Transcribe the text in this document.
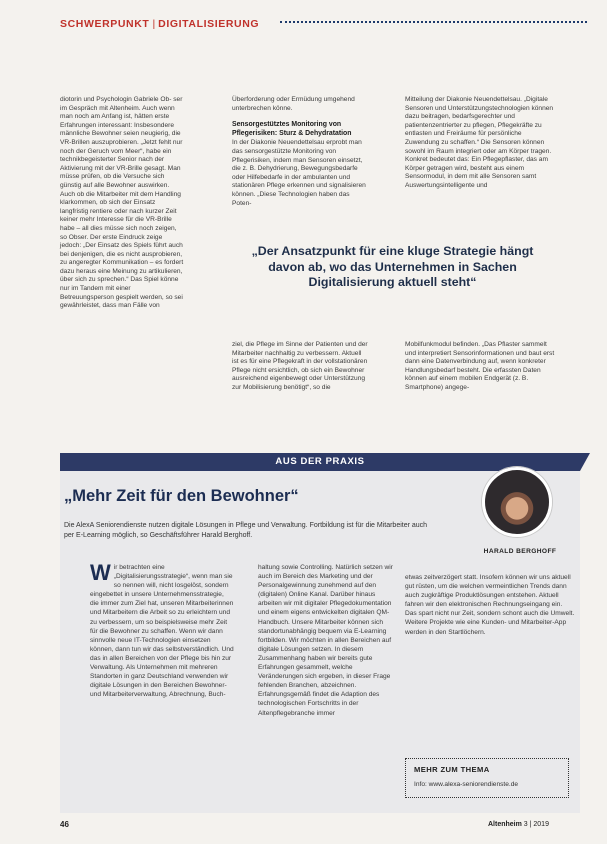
SCHWERPUNKT | DIGITALISIERUNG

diotorin und Psychologin Gabriele Ob- ser im Gespräch mit Altenheim. Auch wenn man noch am Anfang ist, hätten erste Erfahrungen interessant: Insbesondere männliche Bewohner seien neugierig, die VR-Brillen auszuprobieren. „Jetzt fehlt nur noch der Geruch vom Meer“, habe ein technikbegeisterter Senior nach der Aktivierung mit der VR-Brille gesagt. Man müsse prüfen, ob die Versuche sich günstig auf alle Bewohner auswirken. Auch ob die Mitarbeiter mit dem Handling klarkommen, ob sich der Einsatz langfristig rentiere oder nach kurzer Zeit keiner mehr Interesse für die VR-Brille habe – all dies müsse sich noch zeigen, so Obser. Der erste Eindruck zeige jedoch: „Der Einsatz des Spiels führt auch bei denjenigen, die es nicht ausprobieren, zu angeregter Kommunikation – es fordert dazu heraus eine Meinung zu artikulieren, über sich zu sprechen.“ Das Spiel könne nur im Tandem mit einer Betreuungsperson gespielt werden, so sei gewährleistet, dass man Fälle von

Überforderung oder Ermüdung umgehend unterbrechen könne.

Sensorgestütztes Monitoring von Pflegerisiken: Sturz & Dehydratation

In der Diakonie Neuendettelsau erprobt man das sensorgestützte Monitoring von Pflegerisiken, indem man Sensoren einsetzt, die z. B. Dehydrierung, Bewegungsbedarfe oder Hilfebedarfe in der ambulanten und stationären Pflege erkennen und signalisieren können. „Diese Technologien haben das Poten-

Mitteilung der Diakonie Neuendettelsau. „Digitale Sensoren und Unterstützungstechnologien können dazu beitragen, bedarfsgerechter und patientenzentrierter zu pflegen, Pflegekräfte zu entlasten und Freiräume für persönliche Zuwendung zu schaffen.“ Die Sensoren können sowohl im Raum integriert oder am Körper tragen. Konkret bedeutet das: Ein Pflegepflaster, das am Körper getragen wird, besteht aus einem Sensormodul, in dem mit alle Sensoren samt Auswertungsintelligente und

„Der Ansatzpunkt für eine kluge Strategie hängt davon ab, wo das Unternehmen in Sachen Digitalisierung aktuell steht“

ziel, die Pflege im Sinne der Patienten und der Mitarbeiter nachhaltig zu verbessern. Aktuell ist es für eine Pflegekraft in der vollstationären Pflege nicht ersichtlich, ob sich ein Bewohner ausreichend eigenbewegt oder Unterstützung zur Mobilisierung benötigt“, so die

Mobilfunkmodul befinden. „Das Pflaster sammelt und interpretiert Sensorinformationen und baut erst dann eine Datenverbindung auf, wenn konkreter Handlungsbedarf besteht. Die erfassten Daten können auf einem mobilen Endgerät (z. B. Smartphone) angege-

AUS DER PRAXIS
„Mehr Zeit für den Bewohner“
Die AlexA Seniorendienste nutzen digitale Lösungen in Pflege und Verwaltung. Fortbildung ist für die Mitarbeiter auch per E-Learning möglich, so Geschäftsführer Harald Berghoff.
HARALD BERGHOFF

Wir betrachten eine „Digitalisierungsstrategie“, wenn man sie so nennen will, nicht losgelöst, sondern eingebettet in unsere Unternehmensstrategie, die immer zum Ziel hat, unseren Mitarbeiterinnen und Mitarbeitern die Arbeit so zu erleichtern und zu verbessern, um so beispielsweise mehr Zeit für die Bewohner zu schaffen. Wenn wir dann sinnvolle neue IT-Technologien einsetzen können, dann tun wir das selbstverständlich. Und das in allen Bereichen von der Pflege bis hin zur Verwaltung. Als Unternehmen mit mehreren Standorten in ganz Deutschland verwenden wir digitale Lösungen in den Bereichen Bewohner- und Mitarbeiterverwaltung, Abrechnung, Buch-

haltung sowie Controlling. Natürlich setzen wir auch im Bereich des Marketing und der Personalgewinnung zunehmend auf den (digitalen) Online Kanal. Darüber hinaus arbeiten wir mit digitaler Pflegedokumentation und einem eigens entwickelten digitalen QM-Handbuch. Unsere Mitarbeiter können sich standortunabhängig bequem via E-Learning fortbilden. Wir möchten in allen Bereichen auf digitale Lösungen setzen. In diesem Zusammenhang haben wir bereits gute Erfahrungen gesammelt, welche Veränderungen sich ergeben, in dieser Frage fehlenden Branchen, abzeichnen. Erfahrungsgemäß findet die Adaption des technologischen Fortschritts in der Altenpflegebranche immer

etwas zeitverzögert statt. Insofern können wir uns aktuell gut rüsten, um die welchen vermeintlichen Trends dann auch zugkräftige Produktlösungen entstehen. Aktuell fahren wir den elektronischen Rechnungseingang ein. Das spart nicht nur Zeit, sondern schont auch die Umwelt. Weitere Projekte wie eine Kunden- und Mitarbeiter-App werden in den Startlöchern.

MEHR ZUM THEMA
Info: www.alexa-seniorendienste.de
46	Altenheim 3 | 2019
